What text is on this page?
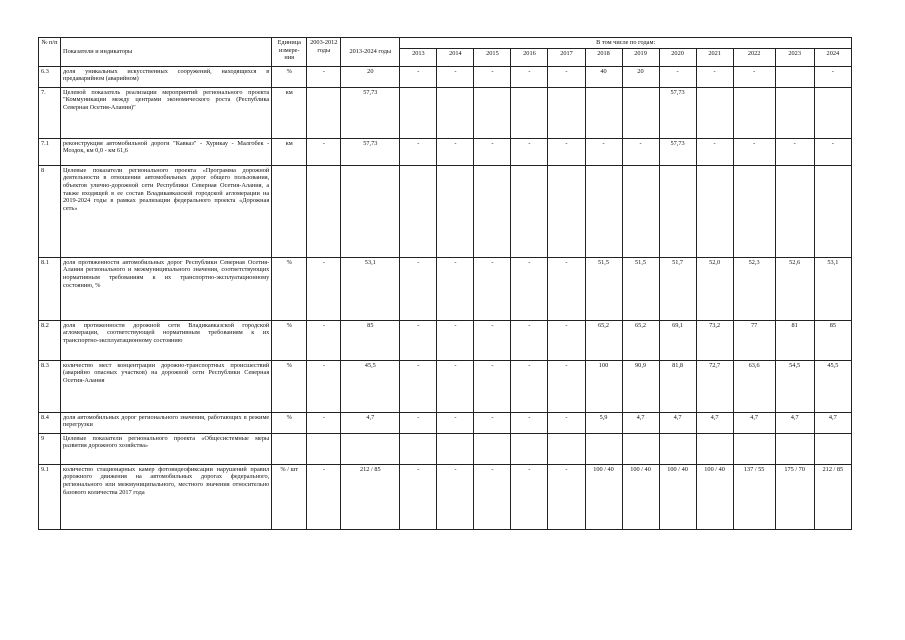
№ п/п	Показатели и индикаторы	Единица измере-ния	2003-2012 годы	2013-2024 годы	В том числе по годам:											
					2013	2014	2015	2016	2017	2018	2019	2020	2021	2022	2023	2024
6.3	доля уникальных искусственных сооружений, находящихся в предаварийном (аварийном)	%	-	20	-	-	-	-	-	40	20	-	-	-		-
7.	Целевой показатель реализации мероприятий регионального проекта "Коммуникации между центрами экономического роста (Республика Северная Осетия-Алания)"	км		57,73								57,73				
7.1	реконструкция автомобильной дороги "Кавказ" - Хурикау - Малгобек - Моздок, км 0,0 - км 61,6	км	-	57,73	-	-	-	-	-	-	-	57,73	-	-	-	-
8	Целевые показатели регионального проекта «Программа дорожной деятельности в отношении автомобильных дорог общего пользования, объектов улично-дорожной сети Республики Северная Осетия-Алания, а также входящей в ее состав Владикавказской городской агломерации на 2019-2024 годы в рамках реализации федерального проекта «Дорожная сеть»															
8.1	доля протяженности автомобильных дорог Республики Северная Осетия-Алания регионального и межмуниципального значения, соответствующих нормативным требованиям к их транспортно-эксплуатационному состоянию, %	%	-	53,1	-	-	-	-	-	51,5	51,5	51,7	52,0	52,3	52,6	53,1
8.2	доля протяженности дорожной сети Владикавказской городской агломерации, соответствующей нормативным требованиям к их транспортно-эксплуатационному состоянию	%	-	85	-	-	-	-	-	65,2	65,2	69,1	73,2	77	81	85
8.3	количество мест концентрации дорожно-транспортных происшествий (аварийно опасных участков) на дорожной сети Республики Северная Осетия-Алания	%	-	45,5	-	-	-	-	-	100	90,9	81,8	72,7	63,6	54,5	45,5
8.4	доля автомобильных дорог регионального значения, работающих в режиме перегрузки	%	-	4,7	-	-	-	-	-	5,9	4,7	4,7	4,7	4,7	4,7	4,7
9	Целевые показатели регионального проекта «Общесистемные меры развития дорожного хозяйства»															
9.1	количество стационарных камер фотовидеофиксации нарушений правил дорожного движения на автомобильных дорогах федерального, регионального или межмуниципального, местного значения относительно базового количества 2017 года	% / шт	-	212 / 85	-	-	-	-	-	100 / 40	100 / 40	100 / 40	100 / 40	137 / 55	175 / 70	212 / 85
